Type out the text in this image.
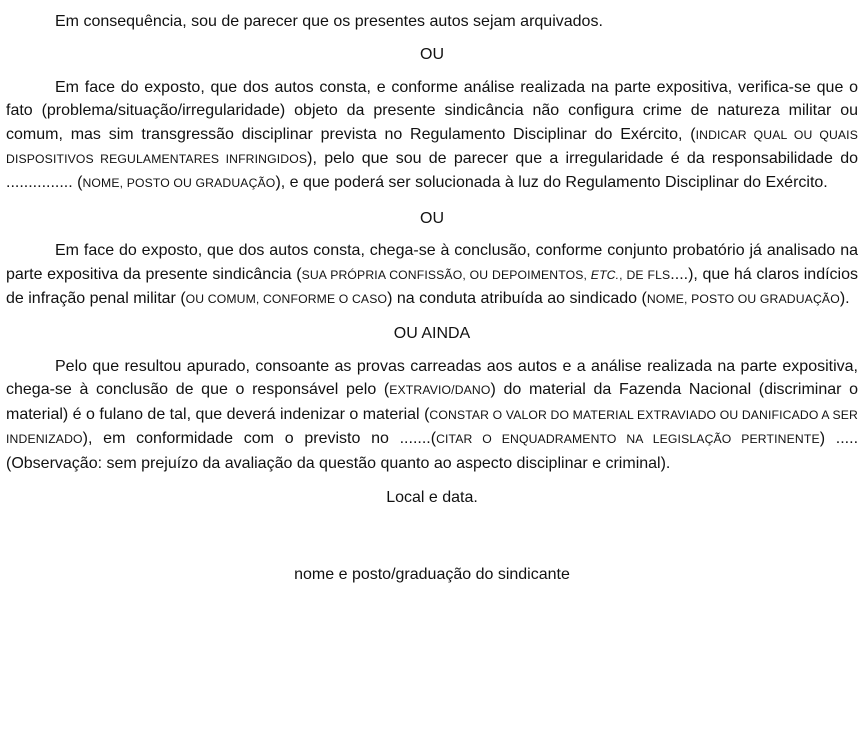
Em consequência, sou de parecer que os presentes autos sejam arquivados.

OU

Em face do exposto, que dos autos consta, e conforme análise realizada na parte expositiva, verifica-se que o fato (problema/situação/irregularidade) objeto da presente sindicância não configura crime de natureza militar ou comum, mas sim transgressão disciplinar prevista no Regulamento Disciplinar do Exército, (INDICAR QUAL OU QUAIS DISPOSITIVOS REGULAMENTARES INFRINGIDOS), pelo que sou de parecer que a irregularidade é da responsabilidade do ............... (NOME, POSTO OU GRADUAÇÃO), e que poderá ser solucionada à luz do Regulamento Disciplinar do Exército.

OU

Em face do exposto, que dos autos consta, chega-se à conclusão, conforme conjunto probatório já analisado na parte expositiva da presente sindicância (SUA PRÓPRIA CONFISSÃO, OU DEPOIMENTOS, ETC., DE FLS....), que há claros indícios de infração penal militar (OU COMUM, CONFORME O CASO) na conduta atribuída ao sindicado (NOME, POSTO OU GRADUAÇÃO).

OU AINDA

Pelo que resultou apurado, consoante as provas carreadas aos autos e a análise realizada na parte expositiva, chega-se à conclusão de que o responsável pelo (EXTRAVIO/DANO) do material da Fazenda Nacional (discriminar o material) é o fulano de tal, que deverá indenizar o material (CONSTAR O VALOR DO MATERIAL EXTRAVIADO OU DANIFICADO A SER INDENIZADO), em conformidade com o previsto no .......(CITAR O ENQUADRAMENTO NA LEGISLAÇÃO PERTINENTE) ..... (Observação: sem prejuízo da avaliação da questão quanto ao aspecto disciplinar e criminal).

Local e data.

nome e posto/graduação do sindicante
